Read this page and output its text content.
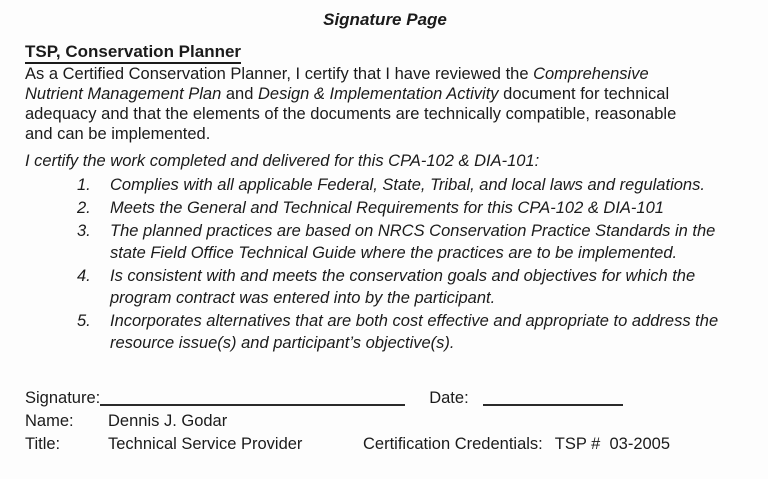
Signature Page
TSP, Conservation Planner
As a Certified Conservation Planner, I certify that I have reviewed the Comprehensive
Nutrient Management Plan and Design & Implementation Activity document for technical
adequacy and that the elements of the documents are technically compatible, reasonable
and can be implemented.
I certify the work completed and delivered for this CPA-102 & DIA-101:
1.	Complies with all applicable Federal, State, Tribal, and local laws and regulations.
2.	Meets the General and Technical Requirements for this CPA-102 & DIA-101
3.	The planned practices are based on NRCS Conservation Practice Standards in the
state Field Office Technical Guide where the practices are to be implemented.
4.	Is consistent with and meets the conservation goals and objectives for which the
program contract was entered into by the participant.
5.	Incorporates alternatives that are both cost effective and appropriate to address the
resource issue(s) and participant’s objective(s).
Signature:	Date:
Name:	Dennis J. Godar
Title:	Technical Service Provider	Certification Credentials: TSP #  03-2005
